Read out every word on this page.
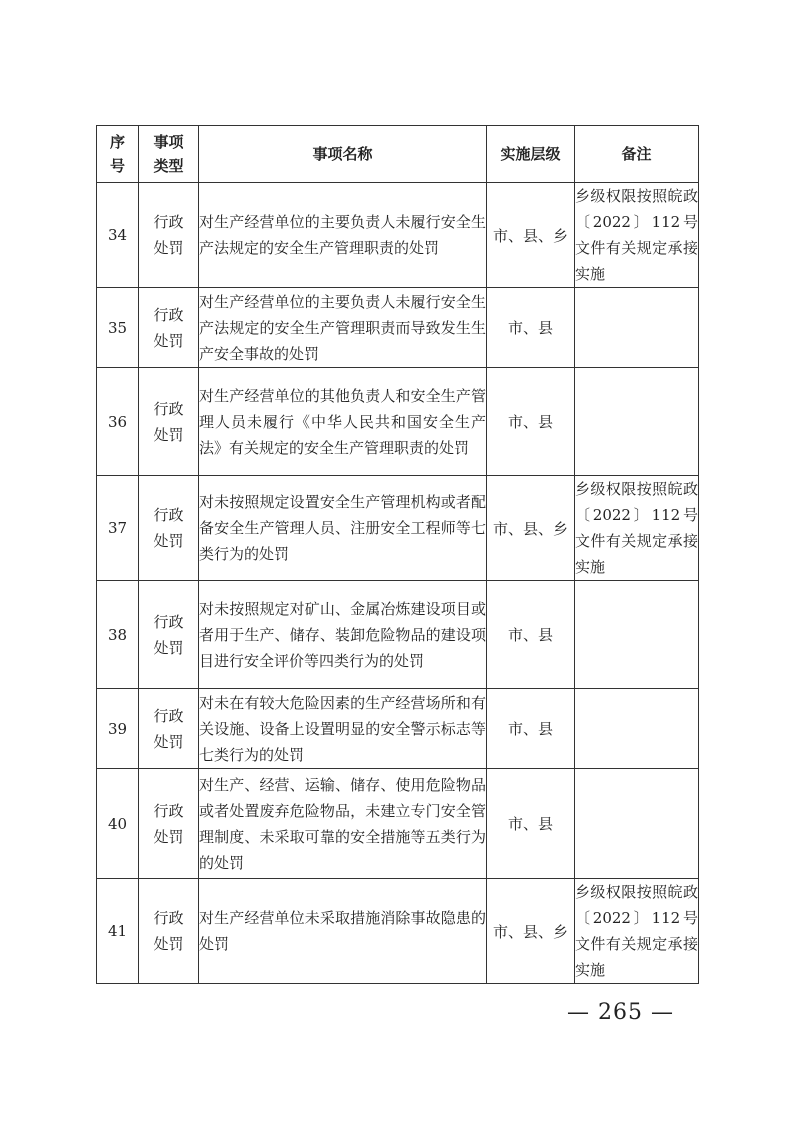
序号	事项类型	事项名称	实施层级	备注
34	行政处罚	对生产经营单位的主要负责人未履行安全生产法规定的安全生产管理职责的处罚	市、县、乡	乡级权限按照皖政〔2022〕112号文件有关规定承接实施
35	行政处罚	对生产经营单位的主要负责人未履行安全生产法规定的安全生产管理职责而导致发生生产安全事故的处罚	市、县	
36	行政处罚	对生产经营单位的其他负责人和安全生产管理人员未履行《中华人民共和国安全生产法》有关规定的安全生产管理职责的处罚	市、县	
37	行政处罚	对未按照规定设置安全生产管理机构或者配备安全生产管理人员、注册安全工程师等七类行为的处罚	市、县、乡	乡级权限按照皖政〔2022〕112号文件有关规定承接实施
38	行政处罚	对未按照规定对矿山、金属冶炼建设项目或者用于生产、储存、装卸危险物品的建设项目进行安全评价等四类行为的处罚	市、县	
39	行政处罚	对未在有较大危险因素的生产经营场所和有关设施、设备上设置明显的安全警示标志等七类行为的处罚	市、县	
40	行政处罚	对生产、经营、运输、储存、使用危险物品或者处置废弃危险物品，未建立专门安全管理制度、未采取可靠的安全措施等五类行为的处罚	市、县	
41	行政处罚	对生产经营单位未采取措施消除事故隐患的处罚	市、县、乡	乡级权限按照皖政〔2022〕112号文件有关规定承接实施
— 265 —
